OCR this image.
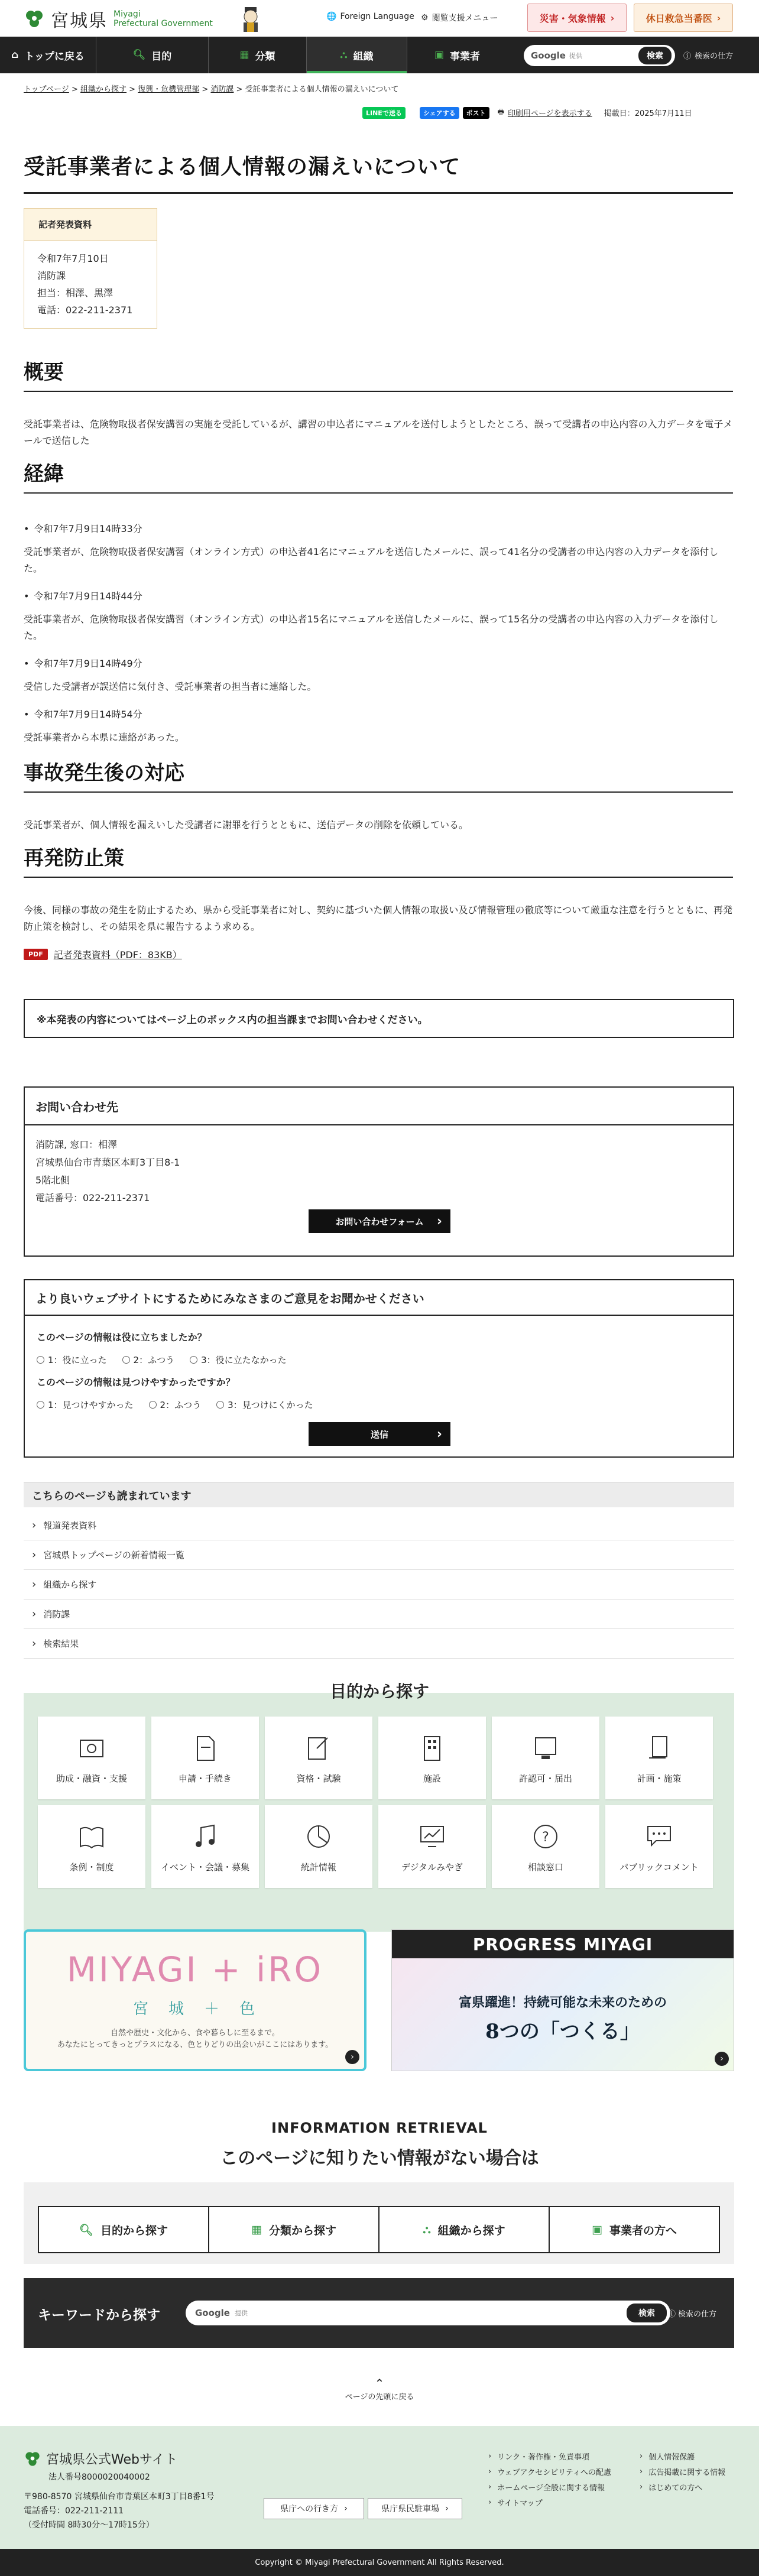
宮城県 Miyagi
Prefectural Government
🌐 Foreign Language ⚙ 閲覧支援メニュー	災害・気象情報 ›	休日救急当番医 ›
⌂ トップに戻る	🔍︎ 目的	▦ 分類	⛬ 組織	▣ 事業者	Google 提供	検索	ⓘ 検索の仕方
トップページ > 組織から探す > 復興・危機管理部 > 消防課 > 受託事業者による個人情報の漏えいについて
LINEで送る	シェアする	ポスト	🖶 印刷用ページを表示する 掲載日：2025年7月11日
受託事業者による個人情報の漏えいについて
記者発表資料
令和7年7月10日
消防課
担当：相澤、黒澤
電話：022-211-2371
概要

受託事業者は、危険物取扱者保安講習の実施を受託しているが、講習の申込者にマニュアルを送付しようとしたところ、誤って受講者の申込内容の入力データを電子メールで送信した

経緯
• 令和7年7月9日14時33分

受託事業者が、危険物取扱者保安講習（オンライン方式）の申込者41名にマニュアルを送信したメールに、誤って41名分の受講者の申込内容の入力データを添付した。

• 令和7年7月9日14時44分

受託事業者が、危険物取扱者保安講習（オンライン方式）の申込者15名にマニュアルを送信したメールに、誤って15名分の受講者の申込内容の入力データを添付した。

• 令和7年7月9日14時49分

受信した受講者が誤送信に気付き、受託事業者の担当者に連絡した。

• 令和7年7月9日14時54分

受託事業者から本県に連絡があった。

事故発生後の対応

受託事業者が、個人情報を漏えいした受講者に謝罪を行うとともに、送信データの削除を依頼している。

再発防止策

今後、同様の事故の発生を防止するため、県から受託事業者に対し、契約に基づいた個人情報の取扱い及び情報管理の徹底等について厳重な注意を行うとともに、再発防止策を検討し、その結果を県に報告するよう求める。

PDF	記者発表資料（PDF：83KB）
※本発表の内容についてはページ上のボックス内の担当課までお問い合わせください。
お問い合わせ先
消防課, 窓口：相澤
宮城県仙台市青葉区本町3丁目8-1
5階北側
電話番号：022-211-2371
お問い合わせフォーム ›
より良いウェブサイトにするためにみなさまのご意見をお聞かせください
このページの情報は役に立ちましたか？
1：役に立った	2：ふつう	3：役に立たなかった
このページの情報は見つけやすかったですか？
1：見つけやすかった	2：ふつう	3：見つけにくかった
送信 ›
こちらのページも読まれています
› 報道発表資料
› 宮城県トップページの新着情報一覧
› 組織から探す
› 消防課
› 検索結果
目的から探す
助成・融資・支援	申請・手続き	資格・試験	施設	許認可・届出	計画・施策
条例・制度	イベント・会議・募集	統計情報	デジタルみやぎ
?
相談窓口	パブリックコメント
MIYAGI + iRO
宮　城　＋　色
自然や歴史・文化から、食や暮らしに至るまで。
あなたにとってきっとプラスになる、色とりどりの出会いがここにはあります。
›
PROGRESS MIYAGI
富県躍進！持続可能な未来のための
8つの「つくる」
›
INFORMATION RETRIEVAL
このページに知りたい情報がない場合は
🔍︎ 目的から探す	▦ 分類から探す	⛬ 組織から探す	▣ 事業者の方へ
キーワードから探す	Google 提供	検索	ⓘ 検索の仕方
⌃
ページの先頭に戻る
宮城県公式Webサイト
法人番号8000020040002
〒980-8570 宮城県仙台市青葉区本町3丁目8番1号
電話番号：022-211-2111
（受付時間 8時30分～17時15分）
県庁への行き方 ›	県庁県民駐車場 ›
› リンク・著作権・免責事項
› ウェブアクセシビリティへの配慮
› ホームページ全般に関する情報
› サイトマップ
› 個人情報保護
› 広告掲載に関する情報
› はじめての方へ
Copyright © Miyagi Prefectural Government All Rights Reserved.
